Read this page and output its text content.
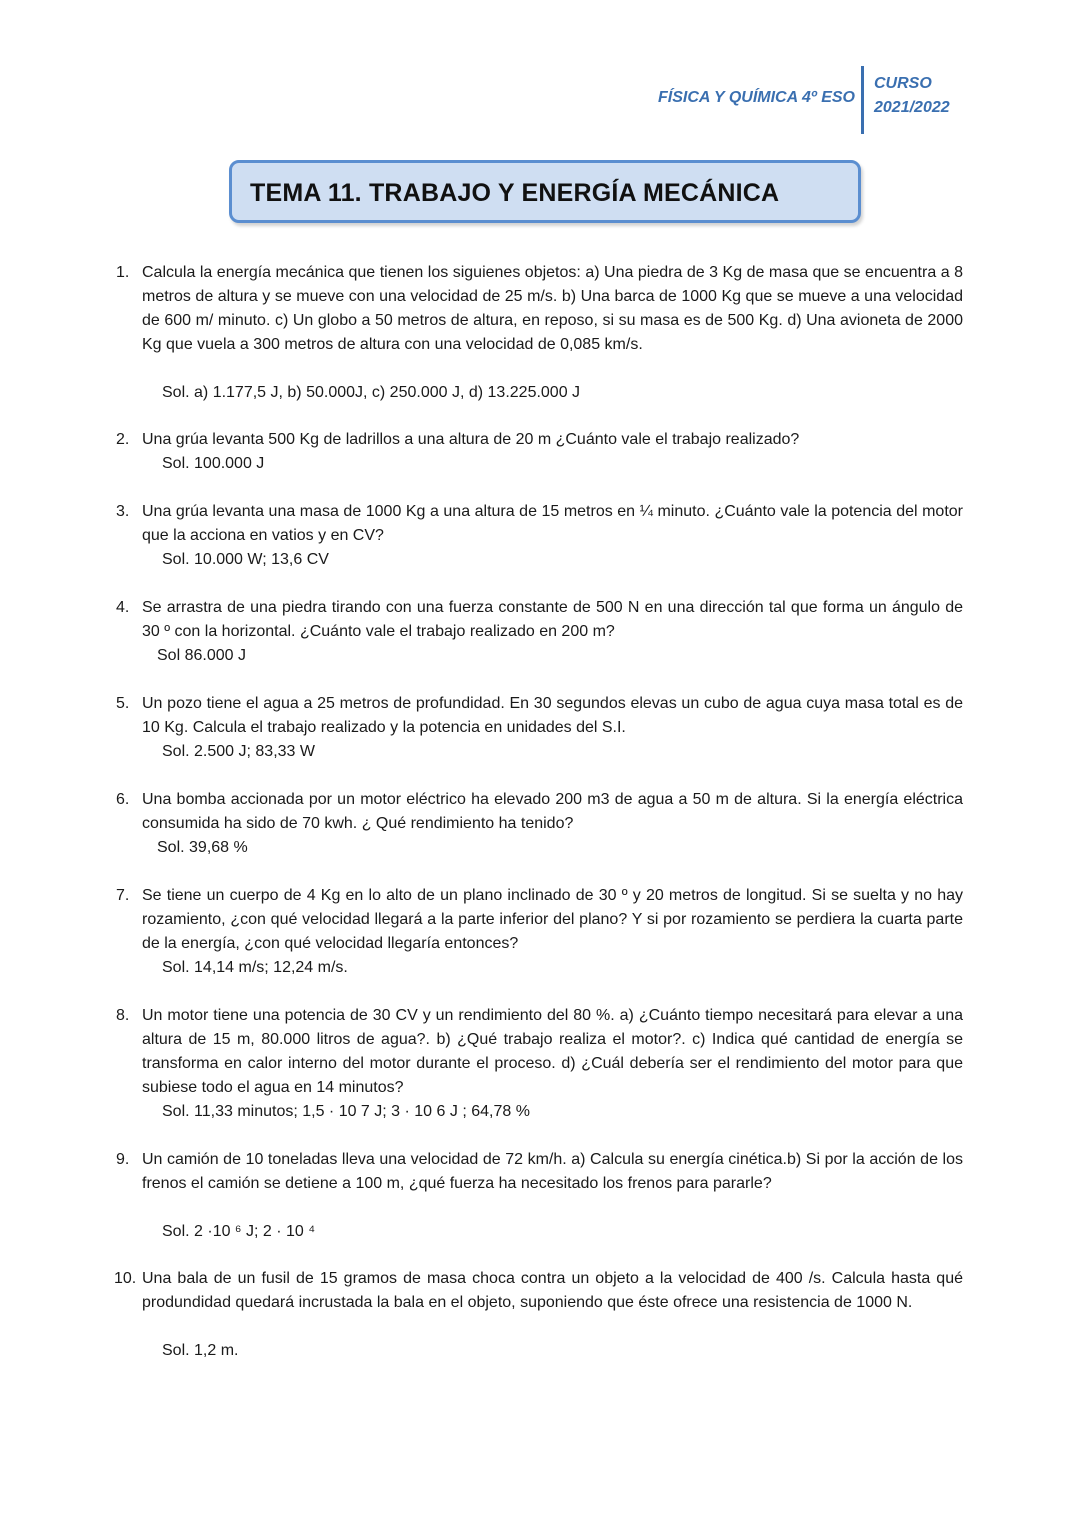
FÍSICA Y QUÍMICA 4º ESO
CURSO
2021/2022
TEMA 11. TRABAJO Y ENERGÍA MECÁNICA
1. Calcula la energía mecánica que tienen los siguienes objetos: a) Una piedra de 3 Kg de masa que se encuentra a 8 metros de altura y se mueve con una velocidad de 25 m/s. b) Una barca de 1000 Kg que se mueve a una velocidad de 600 m/ minuto. c) Un globo a 50 metros de altura, en reposo, si su masa es de 500 Kg. d) Una avioneta de 2000 Kg que vuela a 300 metros de altura con una velocidad de 0,085 km/s.
Sol. a) 1.177,5 J, b) 50.000J, c) 250.000 J, d) 13.225.000 J
2. Una grúa levanta 500 Kg de ladrillos a una altura de 20 m ¿Cuánto vale el trabajo realizado?
Sol. 100.000 J
3. Una grúa levanta una masa de 1000 Kg a una altura de 15 metros en ¼ minuto. ¿Cuánto vale la potencia del motor que la acciona en vatios y en CV?
Sol. 10.000 W; 13,6 CV
4. Se arrastra de una piedra tirando con una fuerza constante de 500 N en una dirección tal que forma un ángulo de 30 º con la horizontal. ¿Cuánto vale el trabajo realizado en 200 m?
Sol 86.000 J
5. Un pozo tiene el agua a 25 metros de profundidad. En 30 segundos elevas un cubo de agua cuya masa total es de 10 Kg. Calcula el trabajo realizado y la potencia en unidades del S.I.
Sol. 2.500 J; 83,33 W
6. Una bomba accionada por un motor eléctrico ha elevado 200 m3 de agua a 50 m de altura. Si la energía eléctrica consumida ha sido de 70 kwh. ¿ Qué rendimiento ha tenido?
Sol. 39,68 %
7. Se tiene un cuerpo de 4 Kg en lo alto de un plano inclinado de 30 º y 20 metros de longitud. Si se suelta y no hay rozamiento, ¿con qué velocidad llegará a la parte inferior del plano? Y si por rozamiento se perdiera la cuarta parte de la energía, ¿con qué velocidad llegaría entonces?
Sol. 14,14 m/s; 12,24 m/s.
8. Un motor tiene una potencia de 30 CV y un rendimiento del 80 %. a) ¿Cuánto tiempo necesitará para elevar a una altura de 15 m, 80.000 litros de agua?. b) ¿Qué trabajo realiza el motor?. c) Indica qué cantidad de energía se transforma en calor interno del motor durante el proceso. d) ¿Cuál debería ser el rendimiento del motor para que subiese todo el agua en 14 minutos?
Sol. 11,33 minutos; 1,5 · 10 7 J; 3 · 10 6 J ; 64,78 %
9. Un camión de 10 toneladas lleva una velocidad de 72 km/h. a) Calcula su energía cinética.b) Si por la acción de los frenos el camión se detiene a 100 m, ¿qué fuerza ha necesitado los frenos para pararle?
Sol. 2 ·10 ⁶ J; 2 · 10 ⁴
10. Una bala de un fusil de 15 gramos de masa choca contra un objeto a la velocidad de 400 /s. Calcula hasta qué produndidad quedará incrustada la bala en el objeto, suponiendo que éste ofrece una resistencia de 1000 N.
Sol. 1,2 m.
